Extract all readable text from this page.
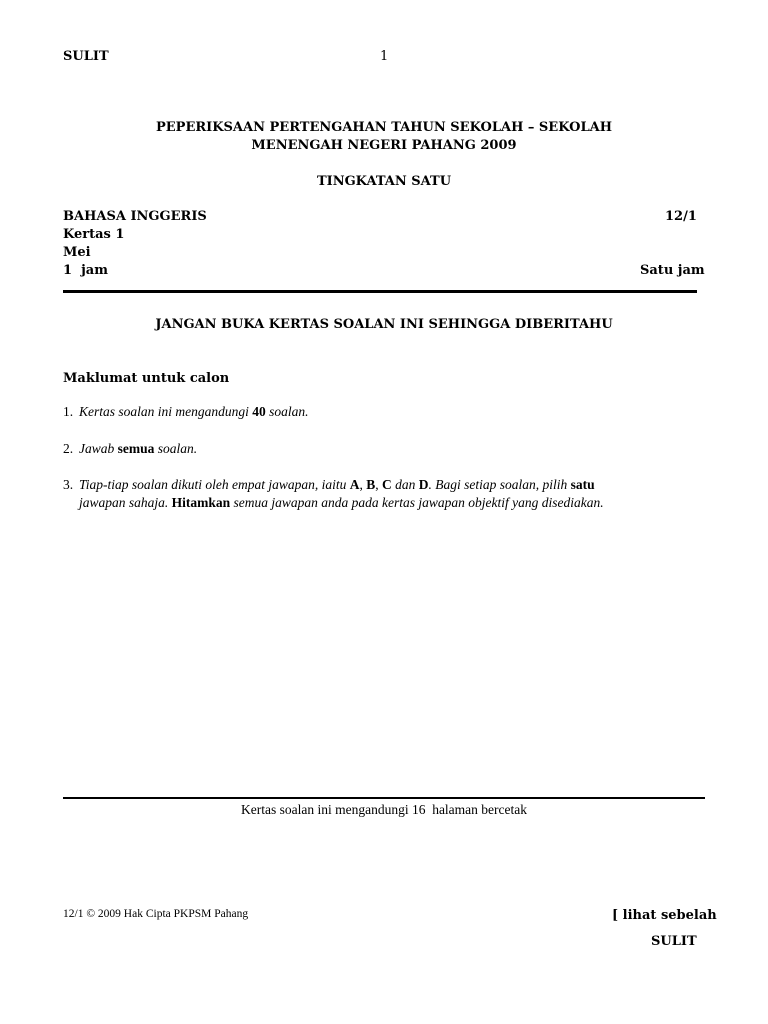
SULIT	1
PEPERIKSAAN PERTENGAHAN TAHUN SEKOLAH – SEKOLAH
MENENGAH NEGERI PAHANG 2009
TINGKATAN SATU
BAHASA INGGERIS	12/1
Kertas 1
Mei
1  jam	Satu jam
JANGAN BUKA KERTAS SOALAN INI SEHINGGA DIBERITAHU
Maklumat untuk calon
1. Kertas soalan ini mengandungi 40 soalan.
2. Jawab semua soalan.
3. Tiap-tiap soalan dikuti oleh empat jawapan, iaitu A, B, C dan D. Bagi setiap soalan, pilih satu
jawapan sahaja. Hitamkan semua jawapan anda pada kertas jawapan objektif yang disediakan.
Kertas soalan ini mengandungi 16  halaman bercetak
12/1 © 2009 Hak Cipta PKPSM Pahang	[ lihat sebelah
SULIT
